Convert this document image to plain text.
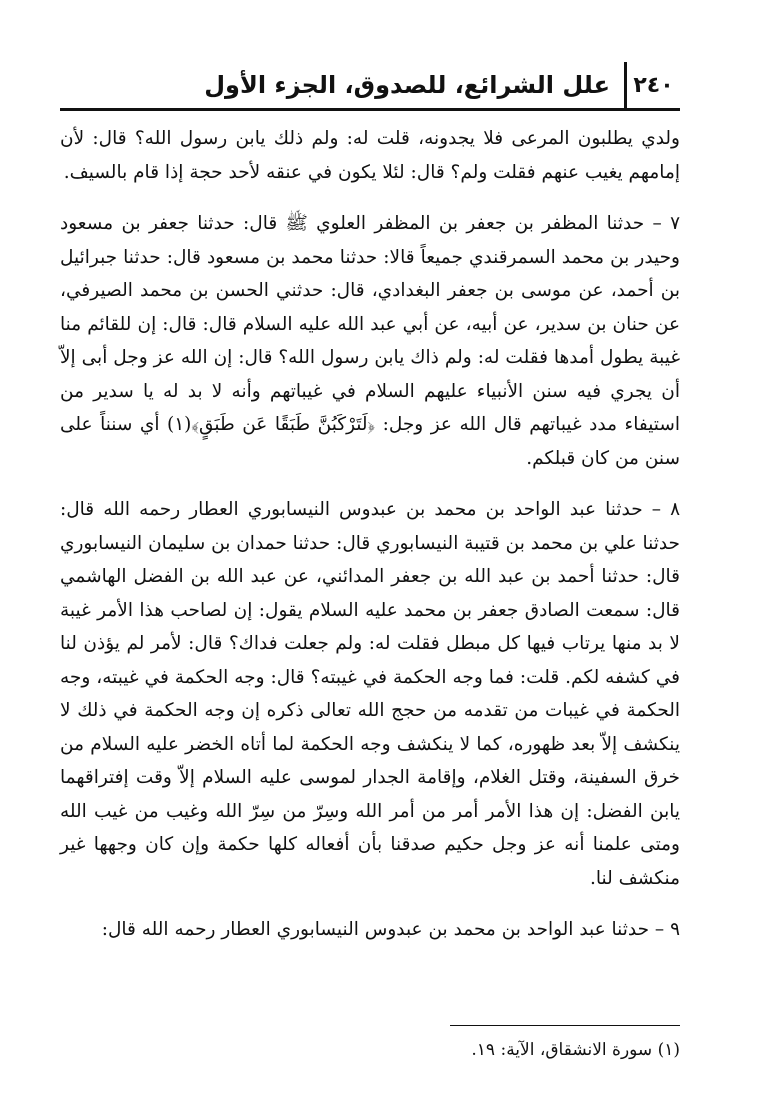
٢٤٠
علل الشرائع، للصدوق، الجزء الأول

ولدي يطلبون المرعى فلا يجدونه، قلت له: ولم ذلك يابن رسول الله؟ قال: لأن إمامهم يغيب عنهم فقلت ولم؟ قال: لئلا يكون في عنقه لأحد حجة إذا قام بالسيف.

٧ – حدثنا المظفر بن جعفر بن المظفر العلوي ﷺ قال: حدثنا جعفر بن مسعود وحيدر بن محمد السمرقندي جميعاً قالا: حدثنا محمد بن مسعود قال: حدثنا جبرائيل بن أحمد، عن موسى بن جعفر البغدادي، قال: حدثني الحسن بن محمد الصيرفي، عن حنان بن سدير، عن أبيه، عن أبي عبد الله عليه السلام قال: قال: إن للقائم منا غيبة يطول أمدها فقلت له: ولم ذاك يابن رسول الله؟ قال: إن الله عز وجل أبى إلاّ أن يجري فيه سنن الأنبياء عليهم السلام في غيباتهم وأنه لا بد له يا سدير من استيفاء مدد غيباتهم قال الله عز وجل: ﴿لَتَرْكَبُنَّ طَبَقًا عَن طَبَقٍ﴾(١) أي سنناً على سنن من كان قبلكم.

٨ – حدثنا عبد الواحد بن محمد بن عبدوس النيسابوري العطار رحمه الله قال: حدثنا علي بن محمد بن قتيبة النيسابوري قال: حدثنا حمدان بن سليمان النيسابوري قال: حدثنا أحمد بن عبد الله بن جعفر المدائني، عن عبد الله بن الفضل الهاشمي قال: سمعت الصادق جعفر بن محمد عليه السلام يقول: إن لصاحب هذا الأمر غيبة لا بد منها يرتاب فيها كل مبطل فقلت له: ولم جعلت فداك؟ قال: لأمر لم يؤذن لنا في كشفه لكم. قلت: فما وجه الحكمة في غيبته؟ قال: وجه الحكمة في غيبته، وجه الحكمة في غيبات من تقدمه من حجج الله تعالى ذكره إن وجه الحكمة في ذلك لا ينكشف إلاّ بعد ظهوره، كما لا ينكشف وجه الحكمة لما أتاه الخضر عليه السلام من خرق السفينة، وقتل الغلام، وإقامة الجدار لموسى عليه السلام إلاّ وقت إفتراقهما يابن الفضل: إن هذا الأمر أمر من أمر الله وسِرّ من سِرّ الله وغيب من غيب الله ومتى علمنا أنه عز وجل حكيم صدقنا بأن أفعاله كلها حكمة وإن كان وجهها غير منكشف لنا.

٩ – حدثنا عبد الواحد بن محمد بن عبدوس النيسابوري العطار رحمه الله قال:

(١) سورة الانشقاق، الآية: ١٩.
